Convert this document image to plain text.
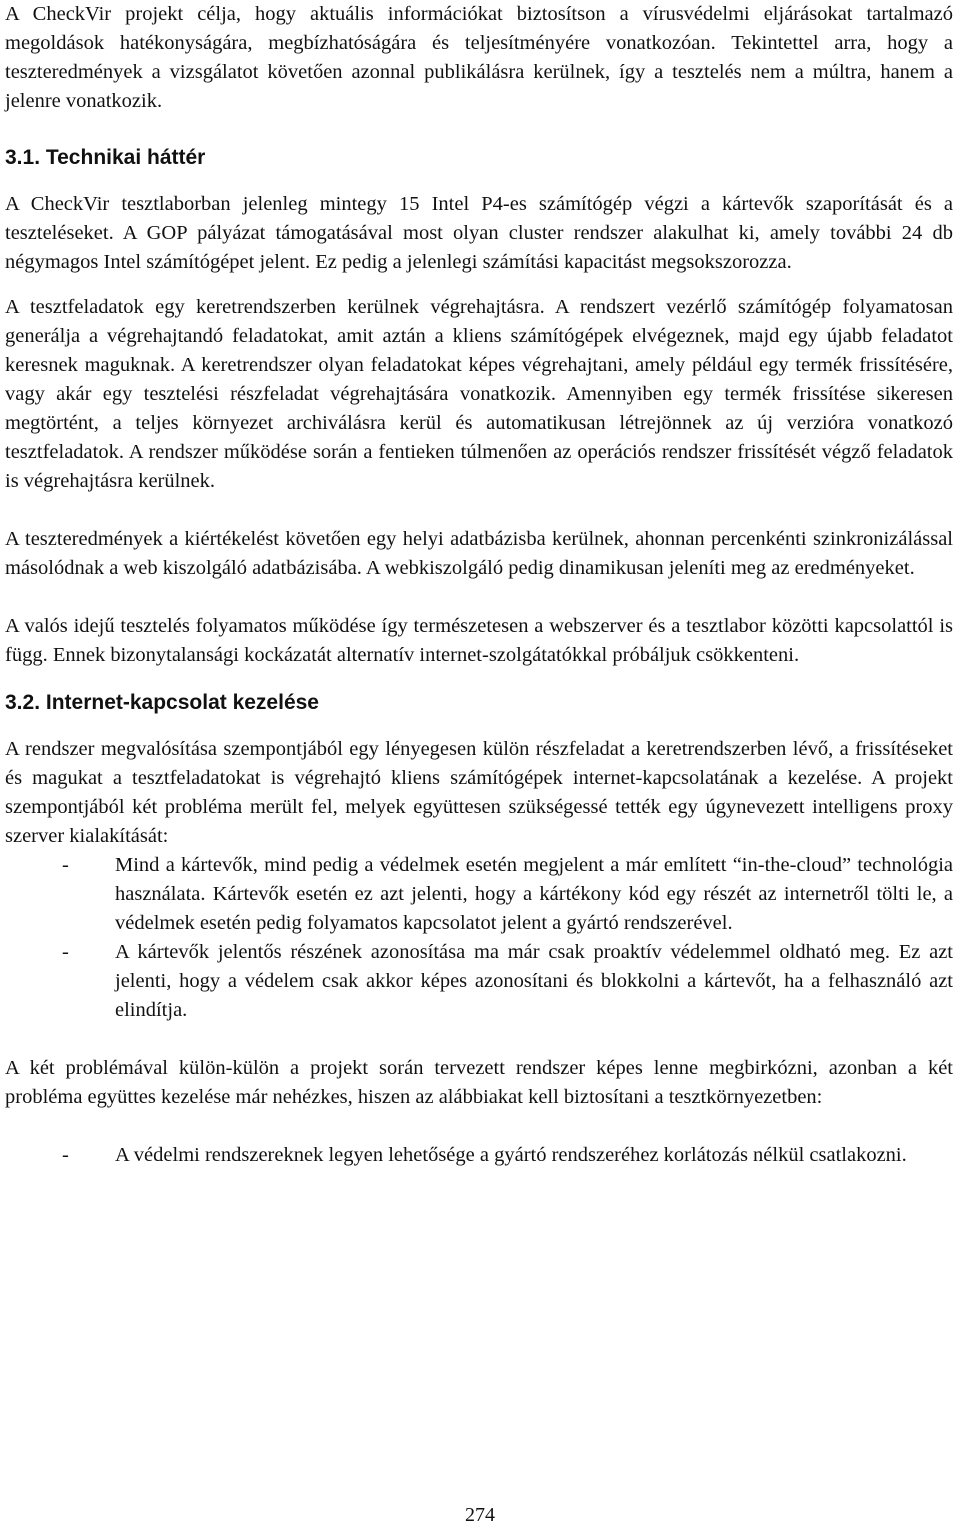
A CheckVir projekt célja, hogy aktuális információkat biztosítson a vírusvédelmi eljárásokat tartalmazó megoldások hatékonyságára, megbízhatóságára és teljesítményére vonatkozóan. Tekintettel arra, hogy a teszteredmények a vizsgálatot követően azonnal publikálásra kerülnek, így a tesztelés nem a múltra, hanem a jelenre vonatkozik.

3.1. Technikai háttér

A CheckVir tesztlaborban jelenleg mintegy 15 Intel P4-es számítógép végzi a kártevők szaporítását és a teszteléseket. A GOP pályázat támogatásával most olyan cluster rendszer alakulhat ki, amely további 24 db négymagos Intel számítógépet jelent. Ez pedig a jelenlegi számítási kapacitást megsokszorozza.

A tesztfeladatok egy keretrendszerben kerülnek végrehajtásra. A rendszert vezérlő számítógép folyamatosan generálja a végrehajtandó feladatokat, amit aztán a kliens számítógépek elvégeznek, majd egy újabb feladatot keresnek maguknak. A keretrendszer olyan feladatokat képes végrehajtani, amely például egy termék frissítésére, vagy akár egy tesztelési részfeladat végrehajtására vonatkozik. Amennyiben egy termék frissítése sikeresen megtörtént, a teljes környezet archiválásra kerül és automatikusan létrejönnek az új verzióra vonatkozó tesztfeladatok. A rendszer működése során a fentieken túlmenően az operációs rendszer frissítését végző feladatok is végrehajtásra kerülnek.

A teszteredmények a kiértékelést követően egy helyi adatbázisba kerülnek, ahonnan percenkénti szinkronizálással másolódnak a web kiszolgáló adatbázisába. A webkiszolgáló pedig dinamikusan jeleníti meg az eredményeket.

A valós idejű tesztelés folyamatos működése így természetesen a webszerver és a tesztlabor közötti kapcsolattól is függ. Ennek bizonytalansági kockázatát alternatív internet-szolgátatókkal próbáljuk csökkenteni.

3.2. Internet-kapcsolat kezelése

A rendszer megvalósítása szempontjából egy lényegesen külön részfeladat a keretrendszerben lévő, a frissítéseket és magukat a tesztfeladatokat is végrehajtó kliens számítógépek internet-kapcsolatának a kezelése. A projekt szempontjából két probléma merült fel, melyek együttesen szükségessé tették egy úgynevezett intelligens proxy szerver kialakítását:

- Mind a kártevők, mind pedig a védelmek esetén megjelent a már említett “in-the-cloud” technológia használata. Kártevők esetén ez azt jelenti, hogy a kártékony kód egy részét az internetről tölti le, a védelmek esetén pedig folyamatos kapcsolatot jelent a gyártó rendszerével.
- A kártevők jelentős részének azonosítása ma már csak proaktív védelemmel oldható meg. Ez azt jelenti, hogy a védelem csak akkor képes azonosítani és blokkolni a kártevőt, ha a felhasználó azt elindítja.

A két problémával külön-külön a projekt során tervezett rendszer képes lenne megbirkózni, azonban a két probléma együttes kezelése már nehézkes, hiszen az alábbiakat kell biztosítani a tesztkörnyezetben:

- A védelmi rendszereknek legyen lehetősége a gyártó rendszeréhez korlátozás nélkül csatlakozni.
274
